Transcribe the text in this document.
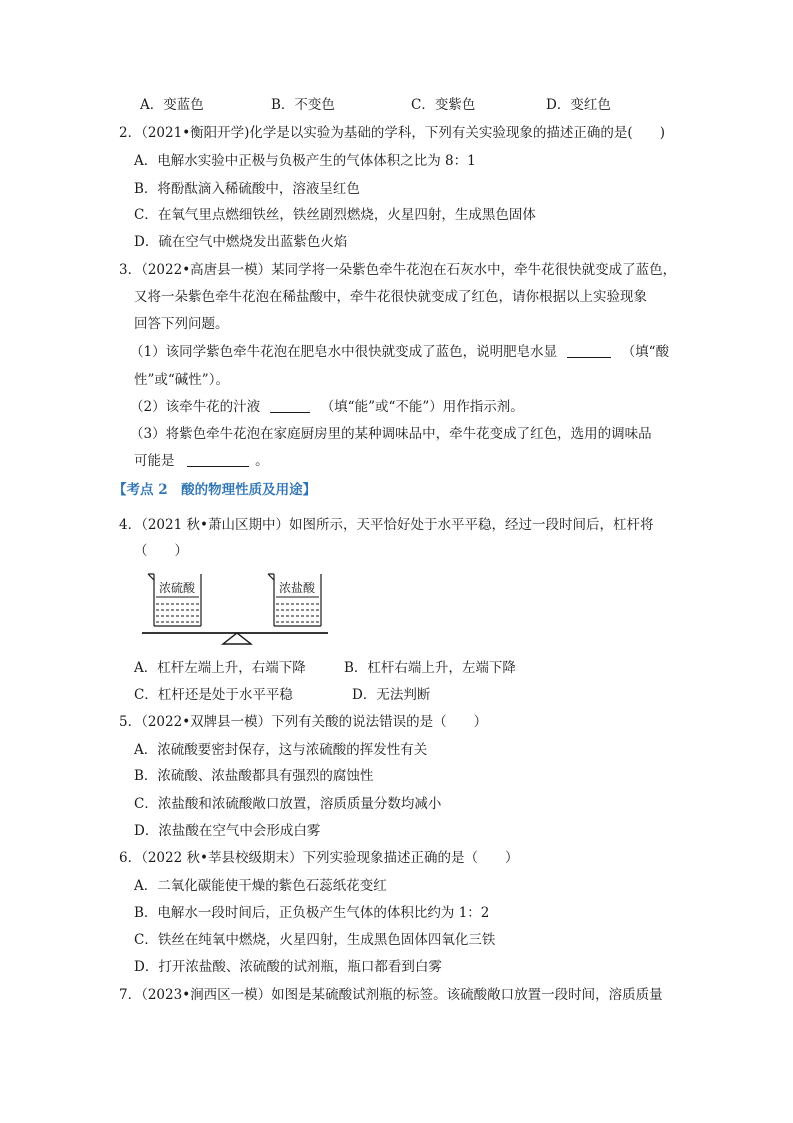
A．变蓝色	B．不变色	C．变紫色	D．变红色
2．（2021•衡阳开学)化学是以实验为基础的学科，下列有关实验现象的描述正确的是(　　)
A．电解水实验中正极与负极产生的气体体积之比为 8：1
B．将酚酞滴入稀硫酸中，溶液呈红色
C．在氧气里点燃细铁丝，铁丝剧烈燃烧，火星四射，生成黑色固体
D．硫在空气中燃烧发出蓝紫色火焰
3．（2022•高唐县一模）某同学将一朵紫色牵牛花泡在石灰水中，牵牛花很快就变成了蓝色，
又将一朵紫色牵牛花泡在稀盐酸中，牵牛花很快就变成了红色，请你根据以上实验现象
回答下列问题。
（1）该同学紫色牵牛花泡在肥皂水中很快就变成了蓝色，说明肥皂水显	（填“酸
性”或“碱性”）。
（2）该牵牛花的汁液	（填“能”或“不能”）用作指示剂。
（3）将紫色牵牛花泡在家庭厨房里的某种调味品中，牵牛花变成了红色，选用的调味品
可能是	。
【考点 2　酸的物理性质及用途】
4．（2021 秋•萧山区期中）如图所示，天平恰好处于水平平稳，经过一段时间后，杠杆将
（　　）
浓硫酸	浓盐酸
A．杠杆左端上升，右端下降	B．杠杆右端上升，左端下降
C．杠杆还是处于水平平稳	D．无法判断
5．（2022•双牌县一模）下列有关酸的说法错误的是（　　）
A．浓硫酸要密封保存，这与浓硫酸的挥发性有关
B．浓硫酸、浓盐酸都具有强烈的腐蚀性
C．浓盐酸和浓硫酸敞口放置，溶质质量分数均减小
D．浓盐酸在空气中会形成白雾
6．（2022 秋•莘县校级期末）下列实验现象描述正确的是（　　）
A．二氧化碳能使干燥的紫色石蕊纸花变红
B．电解水一段时间后，正负极产生气体的体积比约为 1：2
C．铁丝在纯氧中燃烧，火星四射，生成黑色固体四氧化三铁
D．打开浓盐酸、浓硫酸的试剂瓶，瓶口都看到白雾
7．（2023•涧西区一模）如图是某硫酸试剂瓶的标签。该硫酸敞口放置一段时间，溶质质量
